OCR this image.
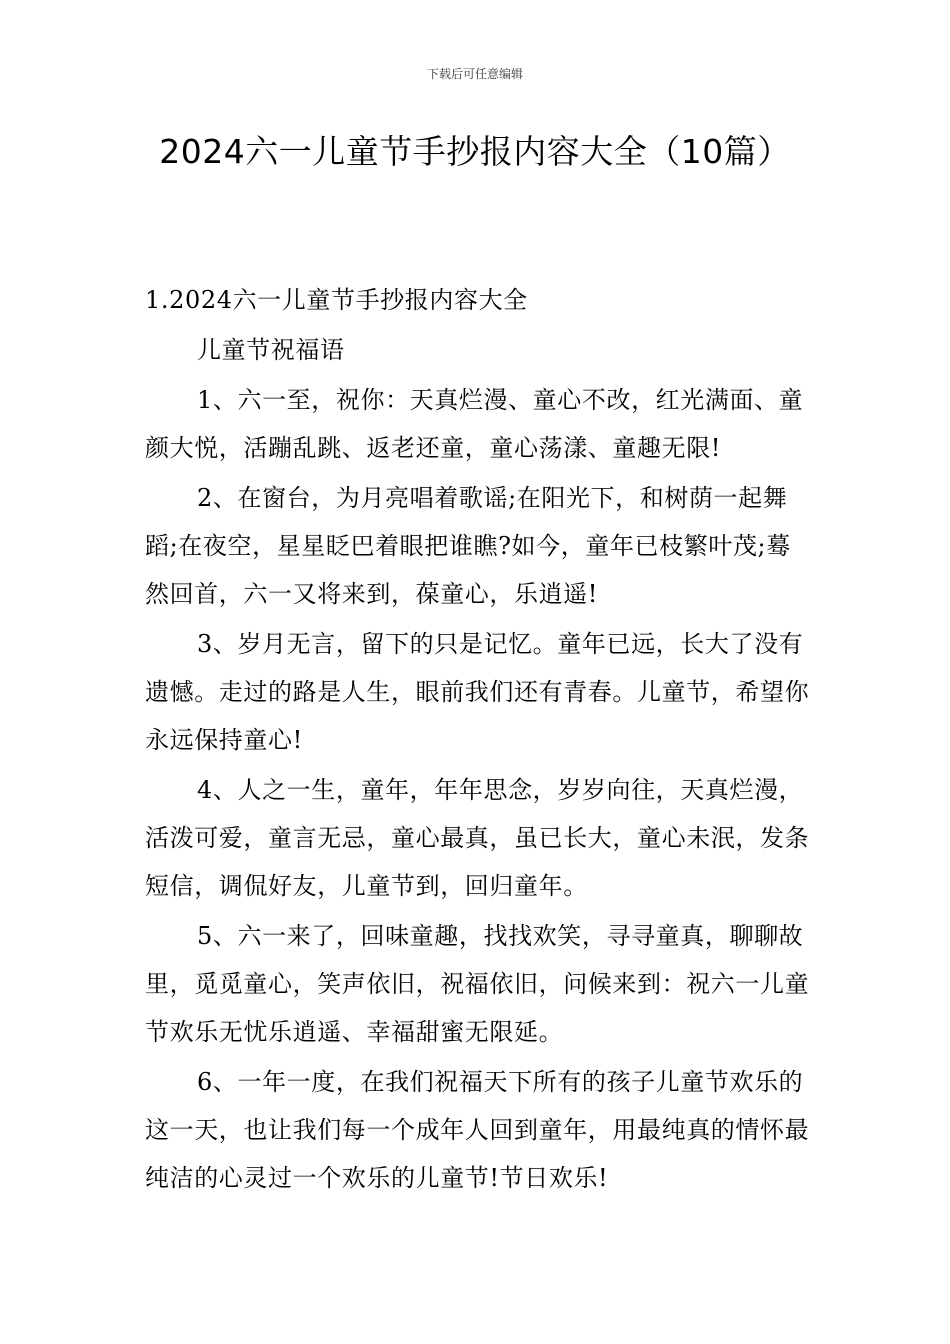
下载后可任意编辑
2024六一儿童节手抄报内容大全（10篇）

1.2024六一儿童节手抄报内容大全

儿童节祝福语

1、六一至，祝你：天真烂漫、童心不改，红光满面、童颜大悦，活蹦乱跳、返老还童，童心荡漾、童趣无限!

2、在窗台，为月亮唱着歌谣;在阳光下，和树荫一起舞蹈;在夜空，星星眨巴着眼把谁瞧?如今，童年已枝繁叶茂;蓦然回首，六一又将来到，葆童心，乐逍遥!

3、岁月无言，留下的只是记忆。童年已远，长大了没有遗憾。走过的路是人生，眼前我们还有青春。儿童节，希望你永远保持童心!

4、人之一生，童年，年年思念，岁岁向往，天真烂漫，活泼可爱，童言无忌，童心最真，虽已长大，童心未泯，发条短信，调侃好友，儿童节到，回归童年。

5、六一来了，回味童趣，找找欢笑，寻寻童真，聊聊故里，觅觅童心，笑声依旧，祝福依旧，问候来到：祝六一儿童节欢乐无忧乐逍遥、幸福甜蜜无限延。

6、一年一度，在我们祝福天下所有的孩子儿童节欢乐的这一天，也让我们每一个成年人回到童年，用最纯真的情怀最纯洁的心灵过一个欢乐的儿童节!节日欢乐!
